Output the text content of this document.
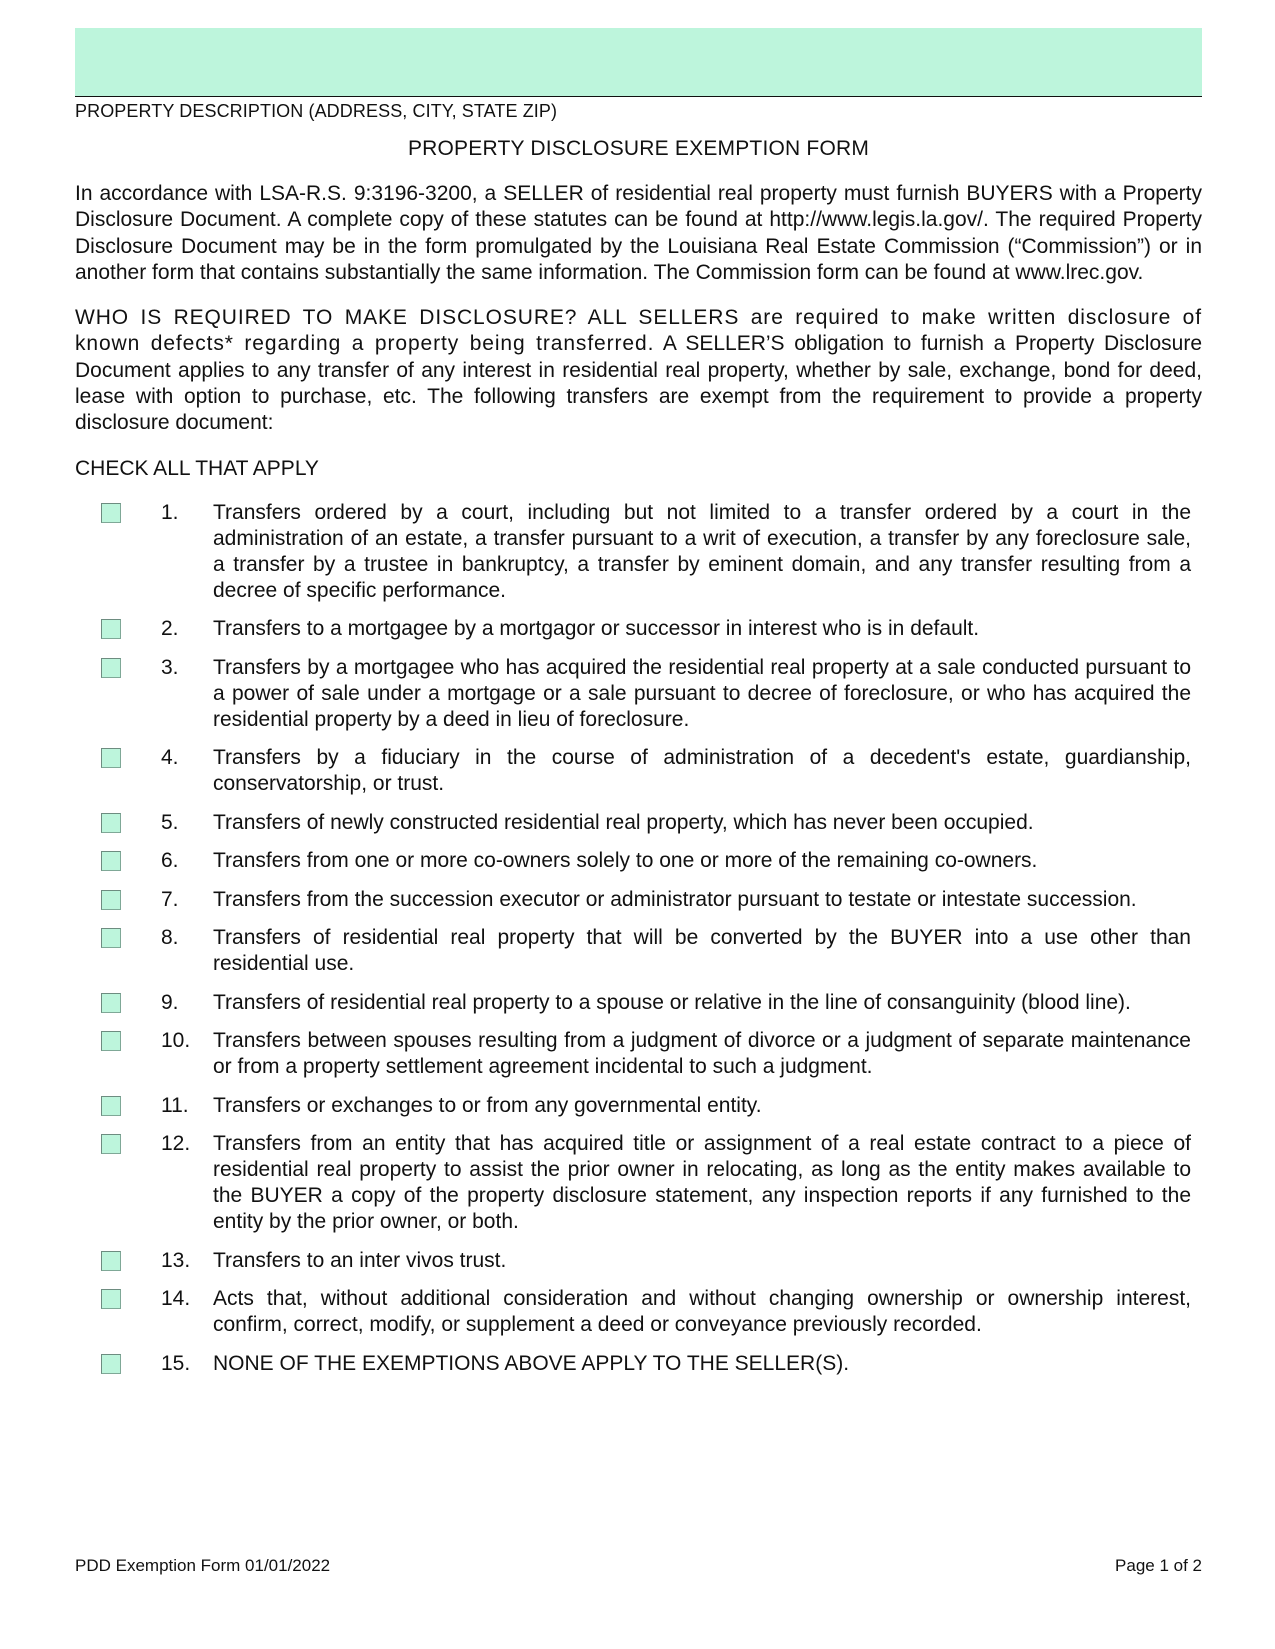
PROPERTY DESCRIPTION (ADDRESS, CITY, STATE ZIP)
PROPERTY DISCLOSURE EXEMPTION FORM
In accordance with LSA-R.S. 9:3196-3200, a SELLER of residential real property must furnish BUYERS with a Property Disclosure Document. A complete copy of these statutes can be found at http://www.legis.la.gov/. The required Property Disclosure Document may be in the form promulgated by the Louisiana Real Estate Commission (“Commission”) or in another form that contains substantially the same information. The Commission form can be found at www.lrec.gov.
WHO IS REQUIRED TO MAKE DISCLOSURE? ALL SELLERS are required to make written disclosure of known defects* regarding a property being transferred. A SELLER’S obligation to furnish a Property Disclosure Document applies to any transfer of any interest in residential real property, whether by sale, exchange, bond for deed, lease with option to purchase, etc. The following transfers are exempt from the requirement to provide a property disclosure document:
CHECK ALL THAT APPLY
1.	Transfers ordered by a court, including but not limited to a transfer ordered by a court in the administration of an estate, a transfer pursuant to a writ of execution, a transfer by any foreclosure sale, a transfer by a trustee in bankruptcy, a transfer by eminent domain, and any transfer resulting from a decree of specific performance.
2.	Transfers to a mortgagee by a mortgagor or successor in interest who is in default.
3.	Transfers by a mortgagee who has acquired the residential real property at a sale conducted pursuant to a power of sale under a mortgage or a sale pursuant to decree of foreclosure, or who has acquired the residential property by a deed in lieu of foreclosure.
4.	Transfers by a fiduciary in the course of administration of a decedent's estate, guardianship, conservatorship, or trust.
5.	Transfers of newly constructed residential real property, which has never been occupied.
6.	Transfers from one or more co-owners solely to one or more of the remaining co-owners.
7.	Transfers from the succession executor or administrator pursuant to testate or intestate succession.
8.	Transfers of residential real property that will be converted by the BUYER into a use other than residential use.
9.	Transfers of residential real property to a spouse or relative in the line of consanguinity (blood line).
10.	Transfers between spouses resulting from a judgment of divorce or a judgment of separate maintenance or from a property settlement agreement incidental to such a judgment.
11.	Transfers or exchanges to or from any governmental entity.
12.	Transfers from an entity that has acquired title or assignment of a real estate contract to a piece of residential real property to assist the prior owner in relocating, as long as the entity makes available to the BUYER a copy of the property disclosure statement, any inspection reports if any furnished to the entity by the prior owner, or both.
13.	Transfers to an inter vivos trust.
14.	Acts that, without additional consideration and without changing ownership or ownership interest, confirm, correct, modify, or supplement a deed or conveyance previously recorded.
15.	NONE OF THE EXEMPTIONS ABOVE APPLY TO THE SELLER(S).
PDD Exemption Form 01/01/2022	Page 1 of 2
